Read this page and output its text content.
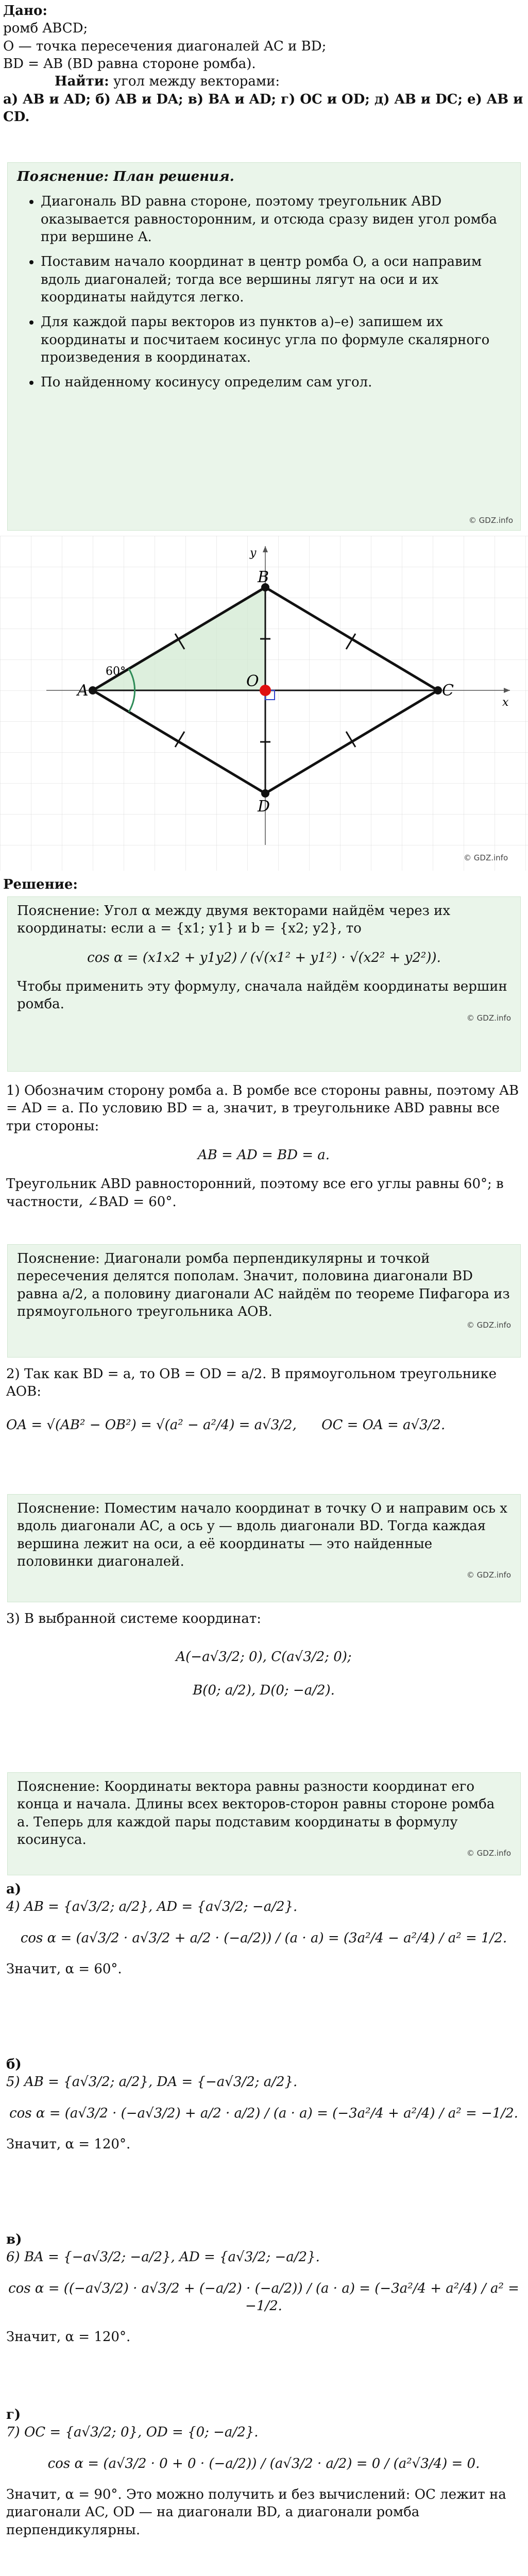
Дано:

ромб ABCD;

O — точка пересечения диагоналей AC и BD;

BD = AB (BD равна стороне ромба).

Найти: угол между векторами:

а) AB и AD; б) AB и DA; в) BA и AD; г) OC и OD; д) AB и DC; е) AB и CD.

Пояснение: План решения.

• Диагональ BD равна стороне, поэтому треугольник ABD оказывается равносторонним, и отсюда сразу виден угол ромба при вершине A.
• Поставим начало координат в центр ромба O, а оси направим вдоль диагоналей; тогда все вершины лягут на оси и их координаты найдутся легко.
• Для каждой пары векторов из пунктов а)–е) запишем их координаты и посчитаем косинус угла по формуле скалярного произведения в координатах.
• По найденному косинусу определим сам угол.
© GDZ.info
x
y
60°
A
B
C
D
O
© GDZ.info

Решение:

Пояснение: Угол α между двумя векторами найдём через их координаты: если a = {x1; y1} и b = {x2; y2}, то

cos α = (x1x2 + y1y2) / (√(x1² + y1²) · √(x2² + y2²)).

Чтобы применить эту формулу, сначала найдём координаты вершин ромба.

© GDZ.info

1) Обозначим сторону ромба a. В ромбе все стороны равны, поэтому AB = AD = a. По условию BD = a, значит, в треугольнике ABD равны все три стороны:

AB = AD = BD = a.

Треугольник ABD равносторонний, поэтому все его углы равны 60°; в частности, ∠BAD = 60°.

Пояснение: Диагонали ромба перпендикулярны и точкой пересечения делятся пополам. Значит, половина диагонали BD равна a/2, а половину диагонали AC найдём по теореме Пифагора из прямоугольного треугольника AOB.

© GDZ.info

2) Так как BD = a, то OB = OD = a/2. В прямоугольном треугольнике AOB:

OA = √(AB² − OB²) = √(a² − a²/4) = a√3/2, OC = OA = a√3/2.

Пояснение: Поместим начало координат в точку O и направим ось x вдоль диагонали AC, а ось y — вдоль диагонали BD. Тогда каждая вершина лежит на оси, а её координаты — это найденные половинки диагоналей.

© GDZ.info

3) В выбранной системе координат:

A(−a√3/2; 0), C(a√3/2; 0);

B(0; a/2), D(0; −a/2).

Пояснение: Координаты вектора равны разности координат его конца и начала. Длины всех векторов-сторон равны стороне ромба a. Теперь для каждой пары подставим координаты в формулу косинуса.

© GDZ.info

а)

4) AB = {a√3/2; a/2}, AD = {a√3/2; −a/2}.

cos α = (a√3/2 · a√3/2 + a/2 · (−a/2)) / (a · a) = (3a²/4 − a²/4) / a² = 1/2.

Значит, α = 60°.

б)

5) AB = {a√3/2; a/2}, DA = {−a√3/2; a/2}.

cos α = (a√3/2 · (−a√3/2) + a/2 · a/2) / (a · a) = (−3a²/4 + a²/4) / a² = −1/2.

Значит, α = 120°.

в)

6) BA = {−a√3/2; −a/2}, AD = {a√3/2; −a/2}.

cos α = ((−a√3/2) · a√3/2 + (−a/2) · (−a/2)) / (a · a) = (−3a²/4 + a²/4) / a² = −1/2.

Значит, α = 120°.

г)

7) OC = {a√3/2; 0}, OD = {0; −a/2}.

cos α = (a√3/2 · 0 + 0 · (−a/2)) / (a√3/2 · a/2) = 0 / (a²√3/4) = 0.

Значит, α = 90°. Это можно получить и без вычислений: OC лежит на диагонали AC, OD — на диагонали BD, а диагонали ромба перпендикулярны.
